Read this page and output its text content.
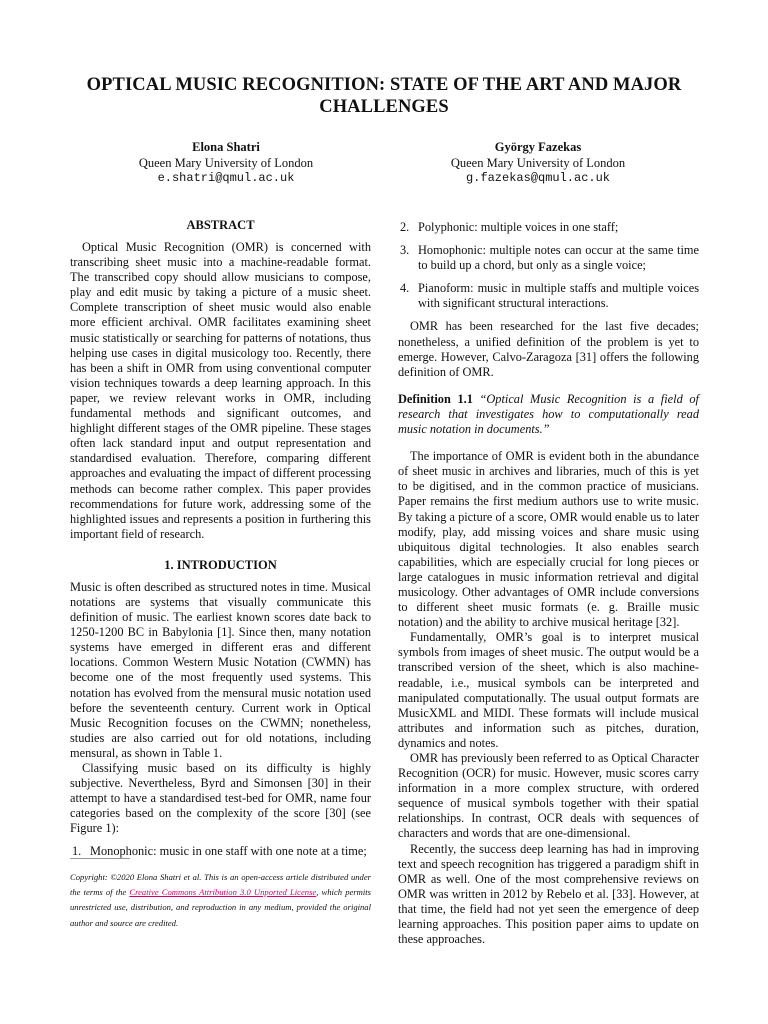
OPTICAL MUSIC RECOGNITION: STATE OF THE ART AND MAJOR
CHALLENGES
Elona Shatri
Queen Mary University of London
e.shatri@qmul.ac.uk
György Fazekas
Queen Mary University of London
g.fazekas@qmul.ac.uk
ABSTRACT

Optical Music Recognition (OMR) is concerned with transcribing sheet music into a machine-readable format. The transcribed copy should allow musicians to compose, play and edit music by taking a picture of a music sheet. Complete transcription of sheet music would also enable more efficient archival. OMR facilitates examining sheet music statistically or searching for patterns of notations, thus helping use cases in digital musicology too. Recently, there has been a shift in OMR from using conventional computer vision techniques towards a deep learning approach. In this paper, we review relevant works in OMR, including fundamental methods and significant outcomes, and highlight different stages of the OMR pipeline. These stages often lack standard input and output representation and standardised evaluation. Therefore, comparing different approaches and evaluating the impact of different processing methods can become rather complex. This paper provides recommendations for future work, addressing some of the highlighted issues and represents a position in furthering this important field of research.

1. INTRODUCTION

Music is often described as structured notes in time. Musical notations are systems that visually communicate this definition of music. The earliest known scores date back to 1250-1200 BC in Babylonia [1]. Since then, many notation systems have emerged in different eras and different locations. Common Western Music Notation (CWMN) has become one of the most frequently used systems. This notation has evolved from the mensural music notation used before the seventeenth century. Current work in Optical Music Recognition focuses on the CWMN; nonetheless, studies are also carried out for old notations, including mensural, as shown in Table 1.

Classifying music based on its difficulty is highly subjective. Nevertheless, Byrd and Simonsen [30] in their attempt to have a standardised test-bed for OMR, name four categories based on the complexity of the score [30] (see Figure 1):

1. Monophonic: music in one staff with one note at a time;
Copyright: ©2020 Elona Shatri et al. This is an open-access article distributed under the terms of the Creative Commons Attribution 3.0 Unported License, which permits unrestricted use, distribution, and reproduction in any medium, provided the original author and source are credited.
2. Polyphonic: multiple voices in one staff;
3. Homophonic: multiple notes can occur at the same time to build up a chord, but only as a single voice;
4. Pianoform: music in multiple staffs and multiple voices with significant structural interactions.

OMR has been researched for the last five decades; nonetheless, a unified definition of the problem is yet to emerge. However, Calvo-Zaragoza [31] offers the following definition of OMR.

Definition 1.1 “Optical Music Recognition is a field of research that investigates how to computationally read music notation in documents.”

The importance of OMR is evident both in the abundance of sheet music in archives and libraries, much of this is yet to be digitised, and in the common practice of musicians. Paper remains the first medium authors use to write music. By taking a picture of a score, OMR would enable us to later modify, play, add missing voices and share music using ubiquitous digital technologies. It also enables search capabilities, which are especially crucial for long pieces or large catalogues in music information retrieval and digital musicology. Other advantages of OMR include conversions to different sheet music formats (e. g. Braille music notation) and the ability to archive musical heritage [32].

Fundamentally, OMR’s goal is to interpret musical symbols from images of sheet music. The output would be a transcribed version of the sheet, which is also machine-readable, i.e., musical symbols can be interpreted and manipulated computationally. The usual output formats are MusicXML and MIDI. These formats will include musical attributes and information such as pitches, duration, dynamics and notes.

OMR has previously been referred to as Optical Character Recognition (OCR) for music. However, music scores carry information in a more complex structure, with ordered sequence of musical symbols together with their spatial relationships. In contrast, OCR deals with sequences of characters and words that are one-dimensional.

Recently, the success deep learning has had in improving text and speech recognition has triggered a paradigm shift in OMR as well. One of the most comprehensive reviews on OMR was written in 2012 by Rebelo et al. [33]. However, at that time, the field had not yet seen the emergence of deep learning approaches. This position paper aims to update on these approaches.
